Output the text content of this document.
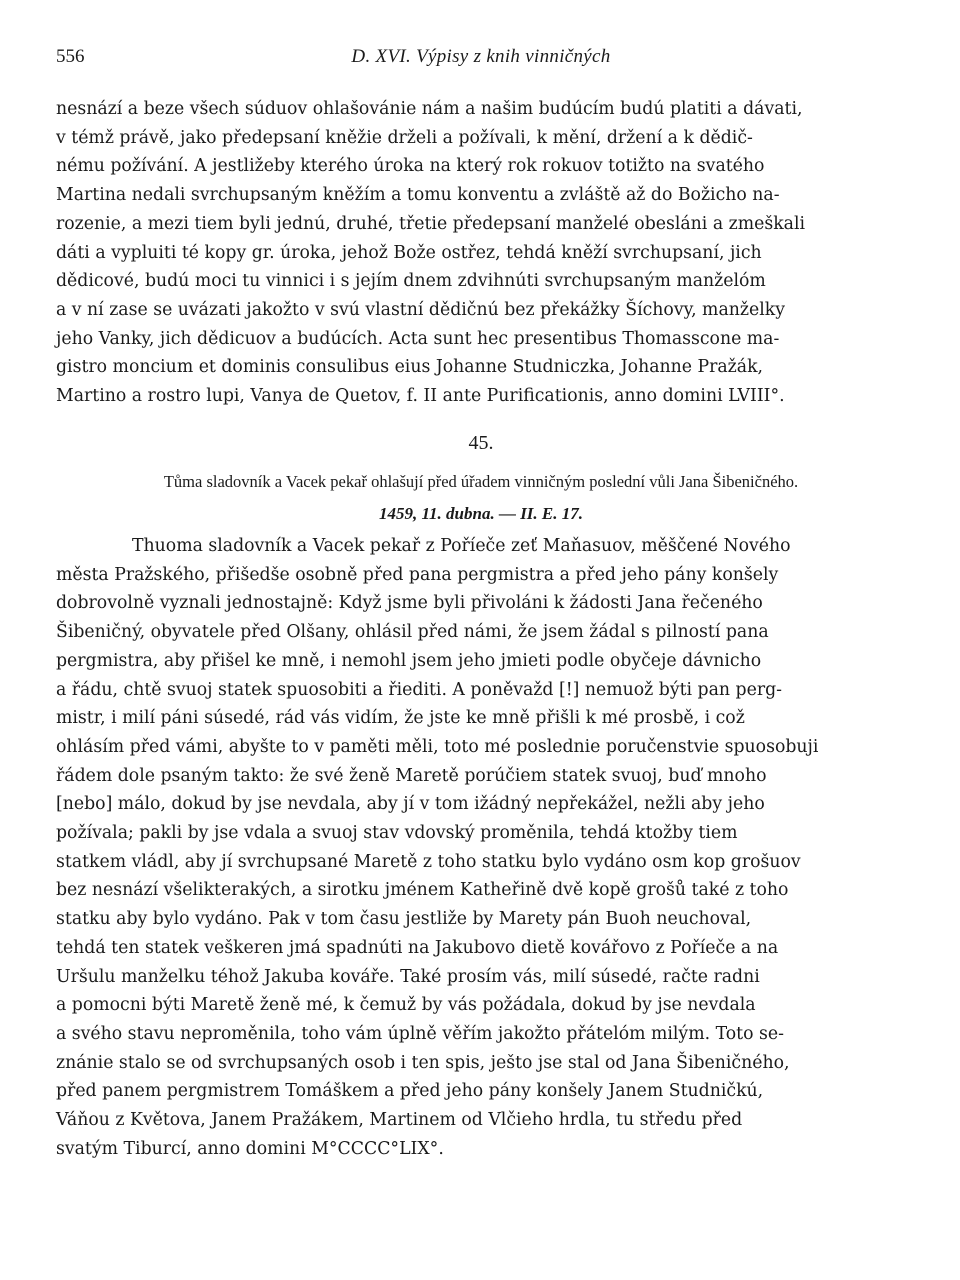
556	D. XVI. Výpisy z knih vinničných
nesnází a beze všech súduov ohlašovánie nám a našim budúcím budú platiti a dávati,
v témž právě, jako předepsaní kněžie drželi a požívali, k mění, držení a k dědič-
nému požívání. A jestližeby kterého úroka na který rok rokuov totižto na svatého
Martina nedali svrchupsaným kněžím a tomu konventu a zvláště až do Božicho na-
rozenie, a mezi tiem byli jednú, druhé, třetie předepsaní manželé obesláni a zmeškali
dáti a vypluiti té kopy gr. úroka, jehož Bože ostřez, tehdá kněží svrchupsaní, jich
dědicové, budú moci tu vinnici i s jejím dnem zdvihnúti svrchupsaným manželóm
a v ní zase se uvázati jakožto v svú vlastní dědičnú bez překážky Šíchovy, manželky
jeho Vanky, jich dědicuov a budúcích. Acta sunt hec presentibus Thomasscone ma-
gistro moncium et dominis consulibus eius Johanne Studniczka, Johanne Pražák,
Martino a rostro lupi, Vanya de Quetov, f. II ante Purificationis, anno domini LVIII°.
45.
Tůma sladovník a Vacek pekař ohlašují před úřadem vinničným poslední vůli Jana Šibeničného.
1459, 11. dubna. — II. E. 17.
Thuoma sladovník a Vacek pekař z Poříeče zeť Maňasuov, měščené Nového
města Pražského, přišedše osobně před pana pergmistra a před jeho pány konšely
dobrovolně vyznali jednostajně: Když jsme byli přivoláni k žádosti Jana řečeného
Šibeničný, obyvatele před Olšany, ohlásil před námi, že jsem žádal s pilností pana
pergmistra, aby přišel ke mně, i nemohl jsem jeho jmieti podle obyčeje dávnicho
a řádu, chtě svuoj statek spuosobiti a řiediti. A poněvažd [!] nemuož býti pan perg-
mistr, i milí páni súsedé, rád vás vidím, že jste ke mně přišli k mé prosbě, i což
ohlásím před vámi, abyšte to v paměti měli, toto mé poslednie poručenstvie spuosobuji
řádem dole psaným takto: že své ženě Maretě porúčiem statek svuoj, buď mnoho
[nebo] málo, dokud by jse nevdala, aby jí v tom ižádný nepřekážel, nežli aby jeho
požívala; pakli by jse vdala a svuoj stav vdovský proměnila, tehdá ktožby tiem
statkem vládl, aby jí svrchupsané Maretě z toho statku bylo vydáno osm kop grošuov
bez nesnází všelikterakých, a sirotku jménem Katheřině dvě kopě grošů také z toho
statku aby bylo vydáno. Pak v tom času jestliže by Marety pán Buoh neuchoval,
tehdá ten statek veškeren jmá spadnúti na Jakubovo dietě kovářovo z Poříeče a na
Uršulu manželku téhož Jakuba kováře. Také prosím vás, milí súsedé, račte radni
a pomocni býti Maretě ženě mé, k čemuž by vás požádala, dokud by jse nevdala
a svého stavu neproměnila, toho vám úplně věřím jakožto přátelóm milým. Toto se-
znánie stalo se od svrchupsaných osob i ten spis, ješto jse stal od Jana Šibeničného,
před panem pergmistrem Tomáškem a před jeho pány konšely Janem Studničkú,
Váňou z Květova, Janem Pražákem, Martinem od Vlčieho hrdla, tu středu před
svatým Tiburcí, anno domini M°CCCC°LIX°.
